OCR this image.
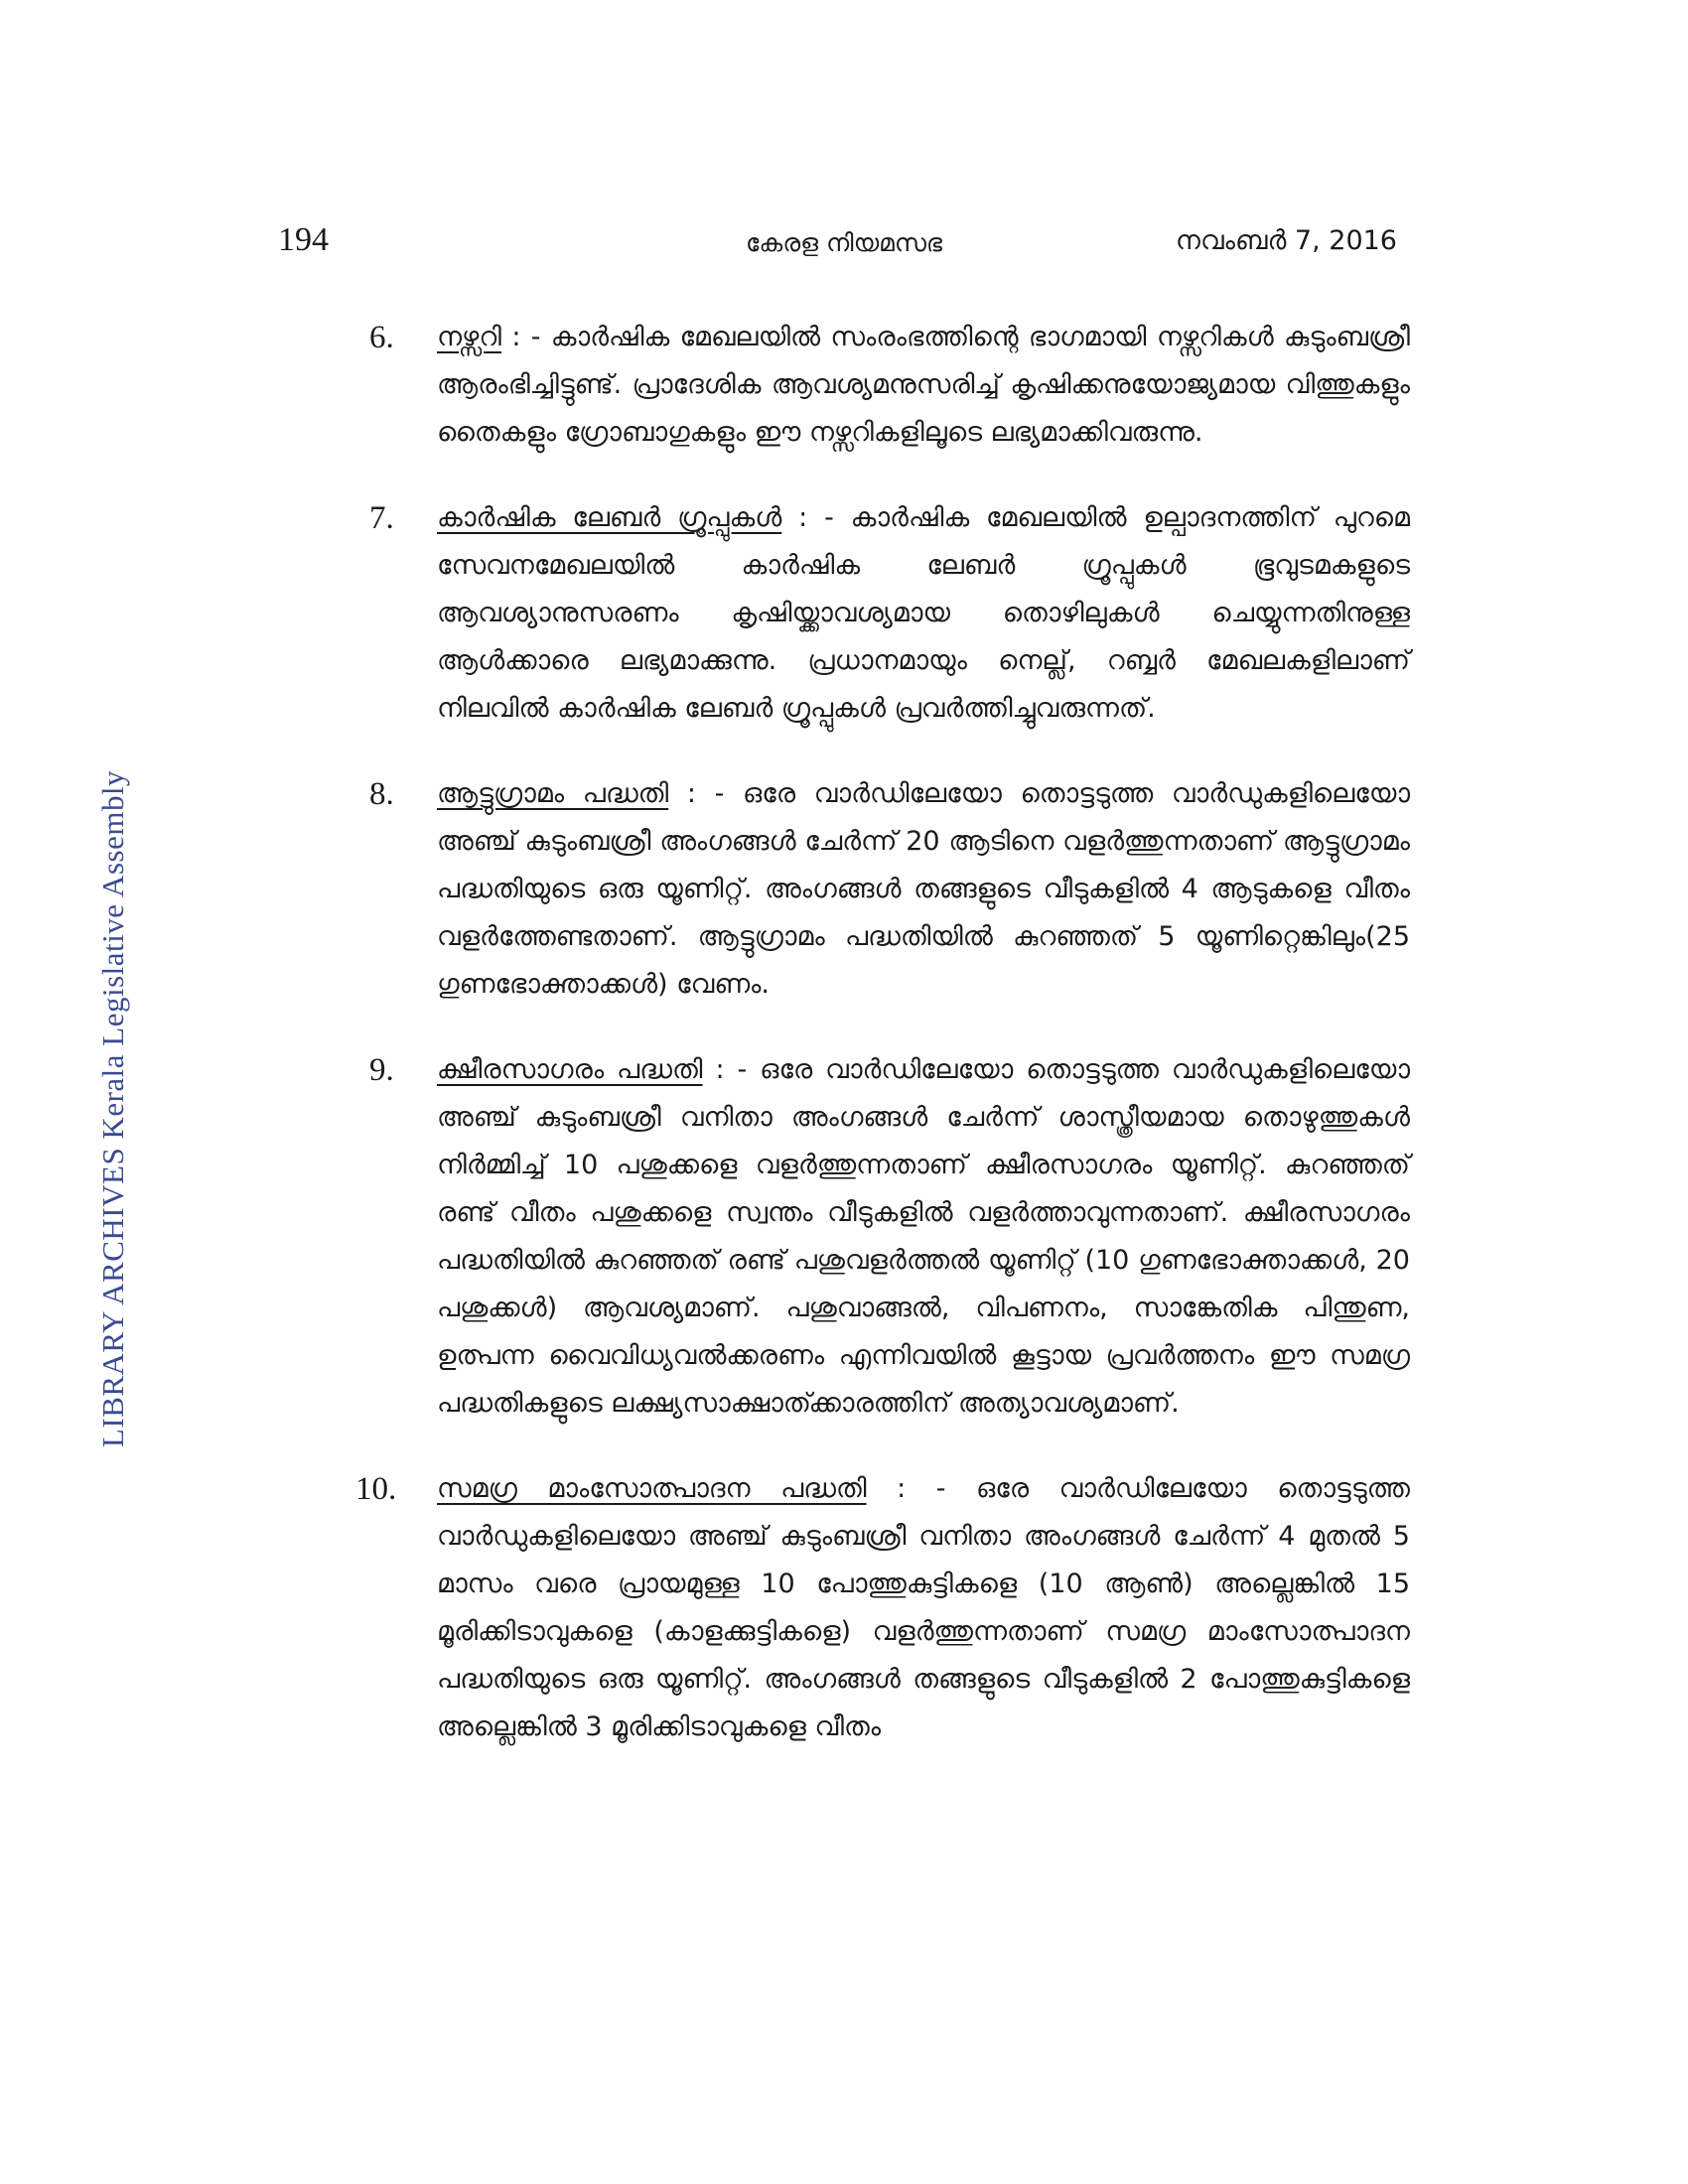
194	കേരള നിയമസഭ	നവംബർ 7, 2016
LIBRARY ARCHIVES Kerala Legislative Assembly
6. നഴ്സറി : - കാർഷിക മേഖലയിൽ സംരംഭത്തിന്റെ ഭാഗമായി നഴ്സറികൾ കുടുംബശ്രീ ആരംഭിച്ചിട്ടുണ്ട്. പ്രാദേശിക ആവശ്യമനുസരിച്ച് കൃഷിക്കനുയോജ്യമായ വിത്തുകളും തൈകളും ഗ്രോബാഗുകളും ഈ നഴ്സറികളിലൂടെ ലഭ്യമാക്കിവരുന്നു.
7. കാർഷിക ലേബർ ഗ്രൂപ്പുകൾ : - കാർഷിക മേഖലയിൽ ഉല്പാദനത്തിന് പുറമെ സേവനമേഖലയിൽ കാർഷിക ലേബർ ഗ്രൂപ്പുകൾ ഭൂവുടമകളുടെ ആവശ്യാനുസരണം കൃഷിയ്ക്കാവശ്യമായ തൊഴിലുകൾ ചെയ്യുന്നതിനുള്ള ആൾക്കാരെ ലഭ്യമാക്കുന്നു. പ്രധാനമായും നെല്ല്, റബ്ബർ മേഖലകളിലാണ് നിലവിൽ കാർഷിക ലേബർ ഗ്രൂപ്പുകൾ പ്രവർത്തിച്ചുവരുന്നത്.
8. ആട്ടുഗ്രാമം പദ്ധതി : - ഒരേ വാർഡിലേയോ തൊട്ടടുത്ത വാർഡുകളിലെയോ അഞ്ച് കുടുംബശ്രീ അംഗങ്ങൾ ചേർന്ന് 20 ആടിനെ വളർത്തുന്നതാണ് ആട്ടുഗ്രാമം പദ്ധതിയുടെ ഒരു യൂണിറ്റ്. അംഗങ്ങൾ തങ്ങളുടെ വീടുകളിൽ 4 ആടുകളെ വീതം വളർത്തേണ്ടതാണ്. ആട്ടുഗ്രാമം പദ്ധതിയിൽ കുറഞ്ഞത് 5 യൂണിറ്റെങ്കിലും(25 ഗുണഭോക്താക്കൾ) വേണം.
9. ക്ഷീരസാഗരം പദ്ധതി : - ഒരേ വാർഡിലേയോ തൊട്ടടുത്ത വാർഡുകളിലെയോ അഞ്ച് കുടുംബശ്രീ വനിതാ അംഗങ്ങൾ ചേർന്ന് ശാസ്ത്രീയമായ തൊഴുത്തുകൾ നിർമ്മിച്ച് 10 പശുക്കളെ വളർത്തുന്നതാണ് ക്ഷീരസാഗരം യൂണിറ്റ്. കുറഞ്ഞത് രണ്ട് വീതം പശുക്കളെ സ്വന്തം വീടുകളിൽ വളർത്താവുന്നതാണ്. ക്ഷീരസാഗരം പദ്ധതിയിൽ കുറഞ്ഞത് രണ്ട് പശുവളർത്തൽ യൂണിറ്റ് (10 ഗുണഭോക്താക്കൾ, 20 പശുക്കൾ) ആവശ്യമാണ്. പശുവാങ്ങൽ, വിപണനം, സാങ്കേതിക പിന്തുണ, ഉത്പന്ന വൈവിധ്യവൽക്കരണം എന്നിവയിൽ കൂട്ടായ പ്രവർത്തനം ഈ സമഗ്ര പദ്ധതികളുടെ ലക്ഷ്യസാക്ഷാത്ക്കാരത്തിന് അത്യാവശ്യമാണ്.
10. സമഗ്ര മാംസോത്പാദന പദ്ധതി : - ഒരേ വാർഡിലേയോ തൊട്ടടുത്ത വാർഡുകളിലെയോ അഞ്ച് കുടുംബശ്രീ വനിതാ അംഗങ്ങൾ ചേർന്ന് 4 മുതൽ 5 മാസം വരെ പ്രായമുള്ള 10 പോത്തുകുട്ടികളെ (10 ആൺ) അല്ലെങ്കിൽ 15 മൂരിക്കിടാവുകളെ (കാളക്കുട്ടികളെ) വളർത്തുന്നതാണ് സമഗ്ര മാംസോത്പാദന പദ്ധതിയുടെ ഒരു യൂണിറ്റ്. അംഗങ്ങൾ തങ്ങളുടെ വീടുകളിൽ 2 പോത്തുകുട്ടികളെ അല്ലെങ്കിൽ 3 മൂരിക്കിടാവുകളെ വീതം
